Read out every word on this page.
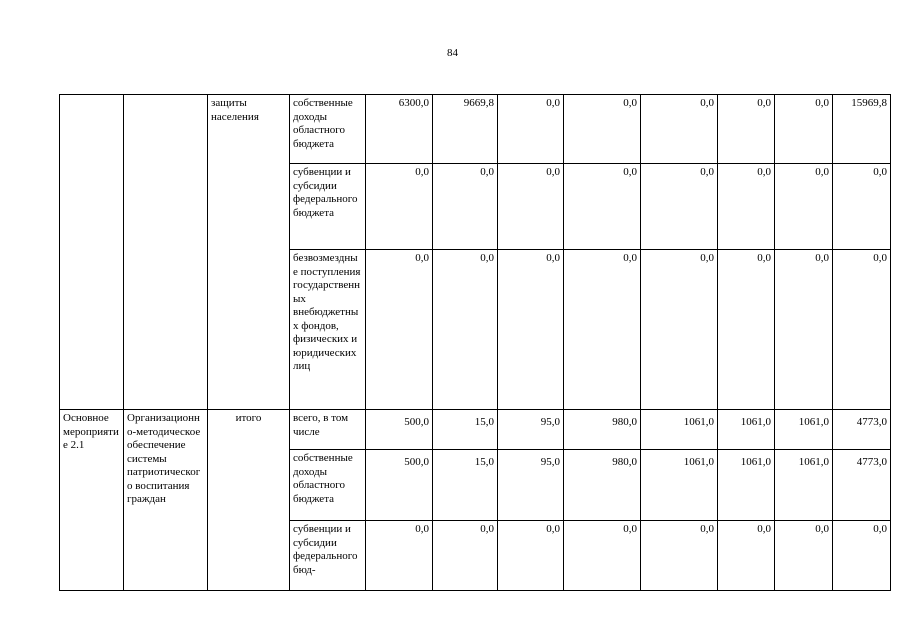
84
		защиты населения	собственные доходы областного бюджета	6300,0	9669,8	0,0	0,0	0,0	0,0	0,0	15969,8
			субвенции и субсидии федерального бюджета	0,0	0,0	0,0	0,0	0,0	0,0	0,0	0,0
			безвозмездные поступления государственных внебюджетных фондов, физических и юридических лиц	0,0	0,0	0,0	0,0	0,0	0,0	0,0	0,0
Основное мероприятие 2.1	Организационно-методическое обеспечение системы патриотического воспитания граждан	итого	всего, в том числе	500,0	15,0	95,0	980,0	1061,0	1061,0	1061,0	4773,0
			собственные доходы областного бюджета	500,0	15,0	95,0	980,0	1061,0	1061,0	1061,0	4773,0
			субвенции и субсидии федерального бюд-	0,0	0,0	0,0	0,0	0,0	0,0	0,0	0,0
